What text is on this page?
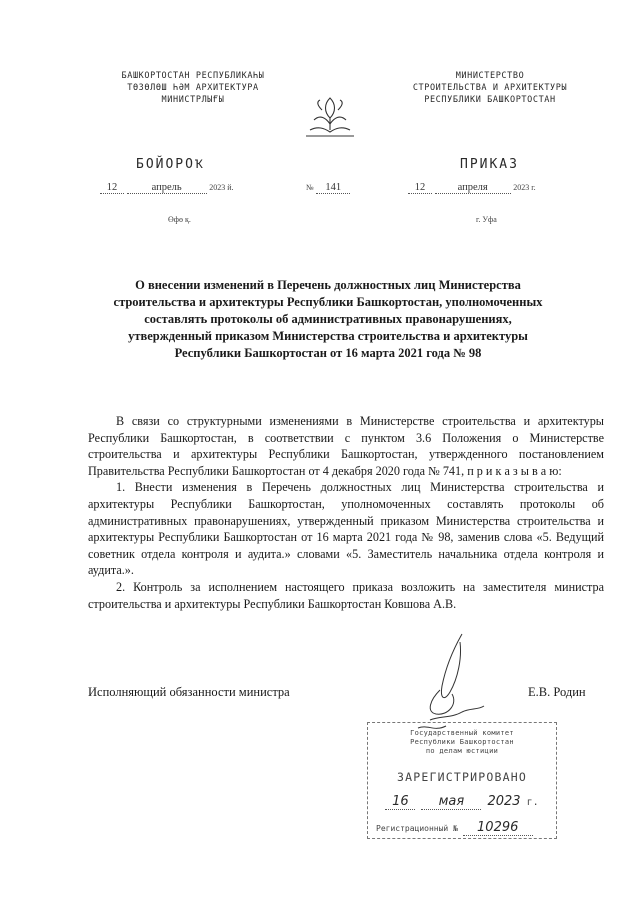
БАШКОРТОСТАН РЕСПУБЛИКАҺЫ
ТӨЗӨЛӨШ ҺӘМ АРХИТЕКТУРА
МИНИСТРЛЫҒЫ
МИНИСТЕРСТВО
СТРОИТЕЛЬСТВА И АРХИТЕКТУРЫ
РЕСПУБЛИКИ БАШКОРТОСТАН
БОЙОРОҠ	ПРИКАЗ
12	апрель	2023 й.	№ 141	12	апреля	2023 г.
Өфө қ.	г. Уфа
О внесении изменений в Перечень должностных лиц Министерства
строительства и архитектуры Республики Башкортостан, уполномоченных
составлять протоколы об административных правонарушениях,
утвержденный приказом Министерства строительства и архитектуры
Республики Башкортостан от 16 марта 2021 года № 98

В связи со структурными изменениями в Министерстве строительства и архитектуры Республики Башкортостан, в соответствии с пунктом 3.6 Положения о Министерстве строительства и архитектуры Республики Башкортостан, утвержденного постановлением Правительства Республики Башкортостан от 4 декабря 2020 года № 741, п р и к а з ы в а ю:

1. Внести изменения в Перечень должностных лиц Министерства строительства и архитектуры Республики Башкортостан, уполномоченных составлять протоколы об административных правонарушениях, утвержденный приказом Министерства строительства и архитектуры Республики Башкортостан от 16 марта 2021 года № 98, заменив слова «5. Ведущий советник отдела контроля и аудита.» словами «5. Заместитель начальника отдела контроля и аудита.».

2. Контроль за исполнением настоящего приказа возложить на заместителя министра строительства и архитектуры Республики Башкортостан Ковшова А.В.

Исполняющий обязанности министра	Е.В. Родин
Государственный комитет
Республики Башкортостан
по делам юстиции
ЗАРЕГИСТРИРОВАНО
16 мая 2023 г.
Регистрационный № 10296
